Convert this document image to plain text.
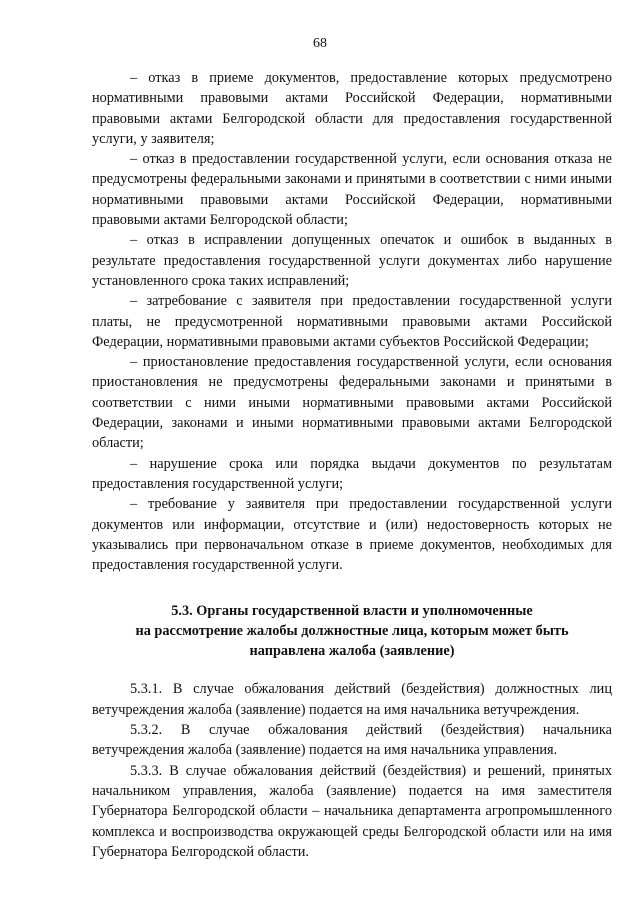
68

– отказ в приеме документов, предоставление которых предусмотрено нормативными правовыми актами Российской Федерации, нормативными правовыми актами Белгородской области для предоставления государственной услуги, у заявителя;

– отказ в предоставлении государственной услуги, если основания отказа не предусмотрены федеральными законами и принятыми в соответствии с ними иными нормативными правовыми актами Российской Федерации, нормативными правовыми актами Белгородской области;

– отказ в исправлении допущенных опечаток и ошибок в выданных в результате предоставления государственной услуги документах либо нарушение установленного срока таких исправлений;

– затребование с заявителя при предоставлении государственной услуги платы, не предусмотренной нормативными правовыми актами Российской Федерации, нормативными правовыми актами субъектов Российской Федерации;

– приостановление предоставления государственной услуги, если основания приостановления не предусмотрены федеральными законами и принятыми в соответствии с ними иными нормативными правовыми актами Российской Федерации, законами и иными нормативными правовыми актами Белгородской области;

– нарушение срока или порядка выдачи документов по результатам предоставления государственной услуги;

– требование у заявителя при предоставлении государственной услуги документов или информации, отсутствие и (или) недостоверность которых не указывались при первоначальном отказе в приеме документов, необходимых для предоставления государственной услуги.

5.3. Органы государственной власти и уполномоченные
на рассмотрение жалобы должностные лица, которым может быть
направлена жалоба (заявление)

5.3.1. В случае обжалования действий (бездействия) должностных лиц ветучреждения жалоба (заявление) подается на имя начальника ветучреждения.

5.3.2. В случае обжалования действий (бездействия) начальника ветучреждения жалоба (заявление) подается на имя начальника управления.

5.3.3. В случае обжалования действий (бездействия) и решений, принятых начальником управления, жалоба (заявление) подается на имя заместителя Губернатора Белгородской области – начальника департамента агропромышленного комплекса и воспроизводства окружающей среды Белгородской области или на имя Губернатора Белгородской области.
